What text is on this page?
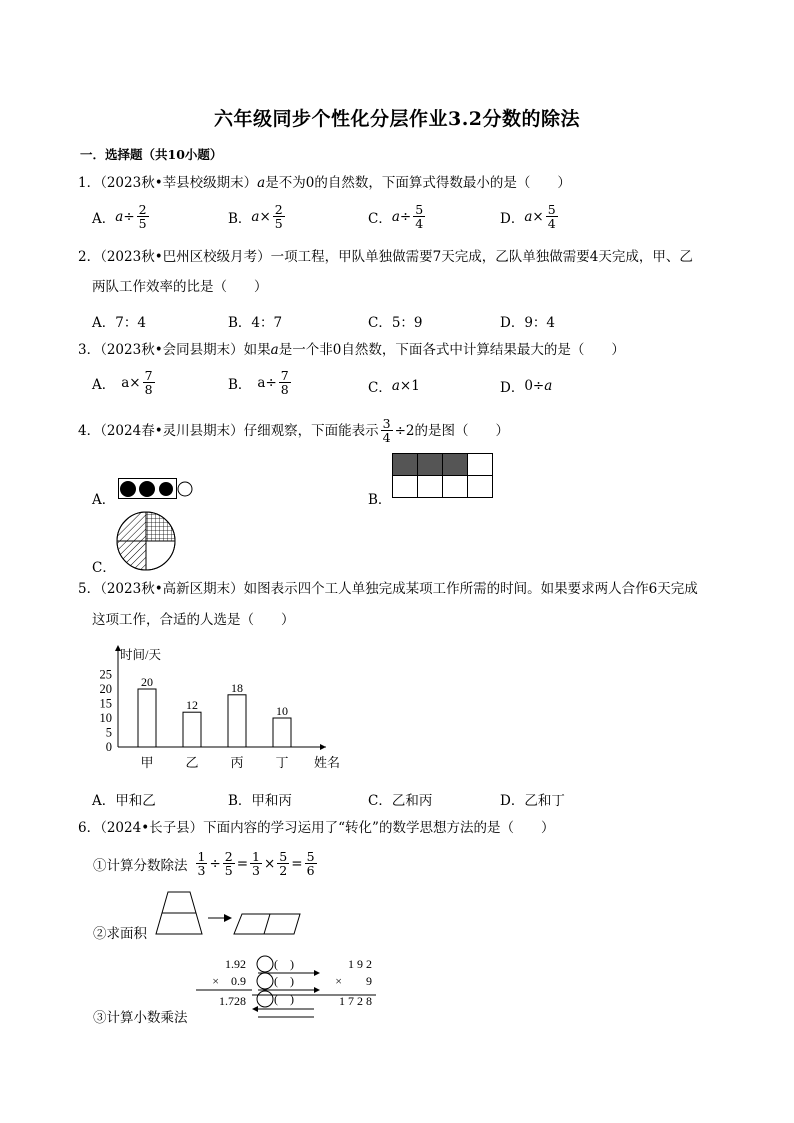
六年级同步个性化分层作业3.2分数的除法
一．选择题（共10小题）
1．（2023秋•莘县校级期末）a是不为0的自然数，下面算式得数最小的是（　　）
A． $a \div \frac{2}{5}$	B． $a \times \frac{2}{5}$	C． $a \div \frac{5}{4}$	D． $a \times \frac{5}{4}$
2．（2023秋•巴州区校级月考）一项工程，甲队单独做需要7天完成，乙队单独做需要4天完成，甲、乙
两队工作效率的比是（　　）
A．7：4	B．4：7	C．5：9	D．9：4
3．（2023秋•会同县期末）如果a是一个非0自然数，下面各式中计算结果最大的是（　　）
A． $a\times \frac{7}{8}$	B． $a\div \frac{7}{8}$	C． a ×1	D． 0÷ a
4．（2024春•灵川县期末）仔细观察，下面能表示 $\frac{3}{4} \div 2$的是图（　　）
A．	B．
C．
5．（2023秋•高新区期末）如图表示四个工人单独完成某项工作所需的时间。如果要求两人合作6天完成
这项工作，合适的人选是（　　）
时间/天
0
5
10
15
20
25
姓名
20
甲
12
乙
18
丙
10
丁
A．甲和乙	B．甲和丙	C．乙和丙	D．乙和丁
6．（2024•长子县）下面内容的学习运用了“转化”的数学思想方法的是（　　）
①计算分数除法 $\frac{1}{3} \div \frac{2}{5} = \frac{1}{3} \times \frac{5}{2} = \frac{5}{6}$
②求面积
③计算小数乘法
1.92
×　0.9
1.728
(　)
(　)
(　)
1 9 2
×　　9
1 7 2 8
